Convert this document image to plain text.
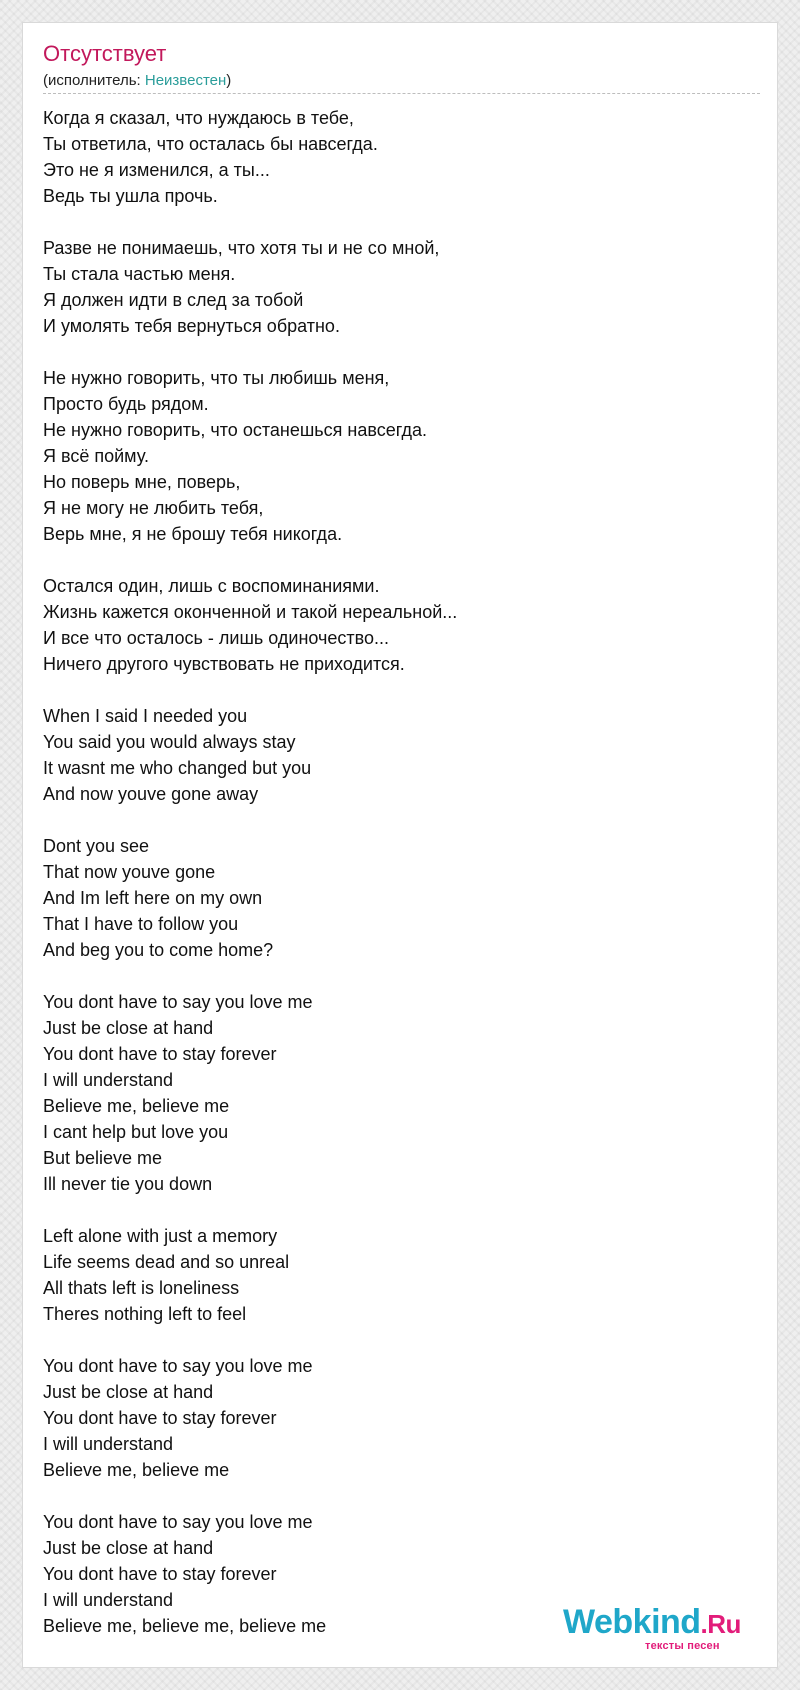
Отсутствует
(исполнитель: Неизвестен)
Когда я сказал, что нуждаюсь в тебе,
Ты ответила, что осталась бы навсегда.
Это не я изменился, а ты...
Ведь ты ушла прочь.
Разве не понимаешь, что хотя ты и не со мной,
Ты стала частью меня.
Я должен идти в след за тобой
И умолять тебя вернуться обратно.
Не нужно говорить, что ты любишь меня,
Просто будь рядом.
Не нужно говорить, что останешься навсегда.
Я всё пойму.
Но поверь мне, поверь,
Я не могу не любить тебя,
Верь мне, я не брошу тебя никогда.
Остался один, лишь с воспоминаниями.
Жизнь кажется оконченной и такой нереальной...
И все что осталось - лишь одиночество...
Ничего другого чувствовать не приходится.
When I said I needed you
You said you would always stay
It wasnt me who changed but you
And now youve gone away
Dont you see
That now youve gone
And Im left here on my own
That I have to follow you
And beg you to come home?
You dont have to say you love me
Just be close at hand
You dont have to stay forever
I will understand
Believe me, believe me
I cant help but love you
But believe me
Ill never tie you down
Left alone with just a memory
Life seems dead and so unreal
All thats left is loneliness
Theres nothing left to feel
You dont have to say you love me
Just be close at hand
You dont have to stay forever
I will understand
Believe me, believe me
You dont have to say you love me
Just be close at hand
You dont have to stay forever
I will understand
Believe me, believe me, believe me	Webkind.Ru
тексты песен
